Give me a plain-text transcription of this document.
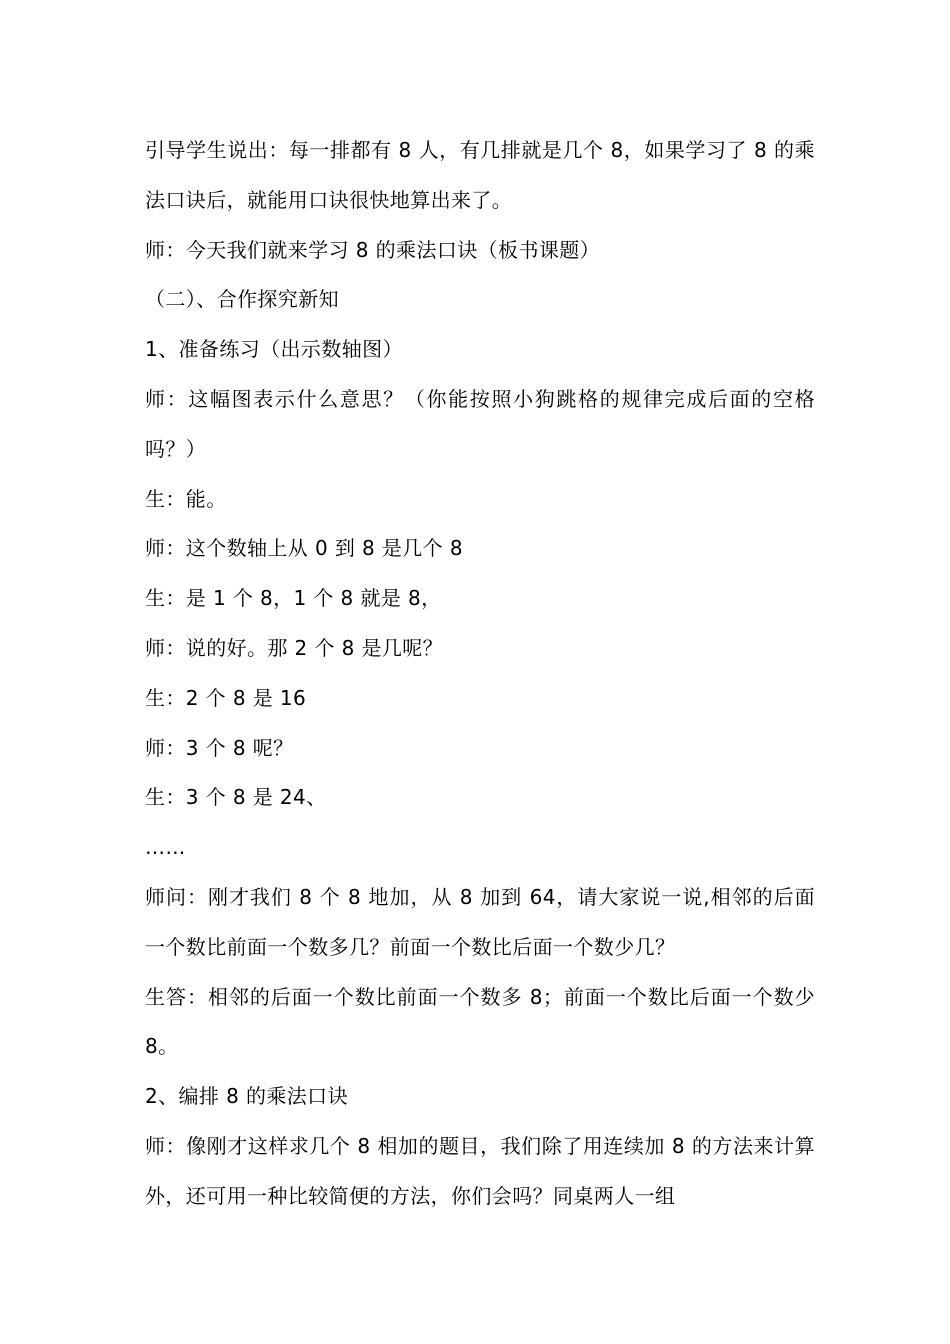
引导学生说出：每一排都有 8 人，有几排就是几个 8，如果学习了 8 的乘法口诀后，就能用口诀很快地算出来了。

师：今天我们就来学习 8 的乘法口诀（板书课题）

（二）、合作探究新知

1、准备练习（出示数轴图）

师：这幅图表示什么意思？（你能按照小狗跳格的规律完成后面的空格吗？）

生：能。

师：这个数轴上从 0 到 8 是几个 8

生：是 1 个 8，1 个 8 就是 8，

师：说的好。那 2 个 8 是几呢？

生：2 个 8 是 16

师：3 个 8 呢？

生：3 个 8 是 24、

……

师问：刚才我们 8 个 8 地加，从 8 加到 64，请大家说一说,相邻的后面一个数比前面一个数多几？前面一个数比后面一个数少几？

生答：相邻的后面一个数比前面一个数多 8；前面一个数比后面一个数少 8。

2、编排 8 的乘法口诀

师：像刚才这样求几个 8 相加的题目，我们除了用连续加 8 的方法来计算外，还可用一种比较简便的方法，你们会吗？同桌两人一组
